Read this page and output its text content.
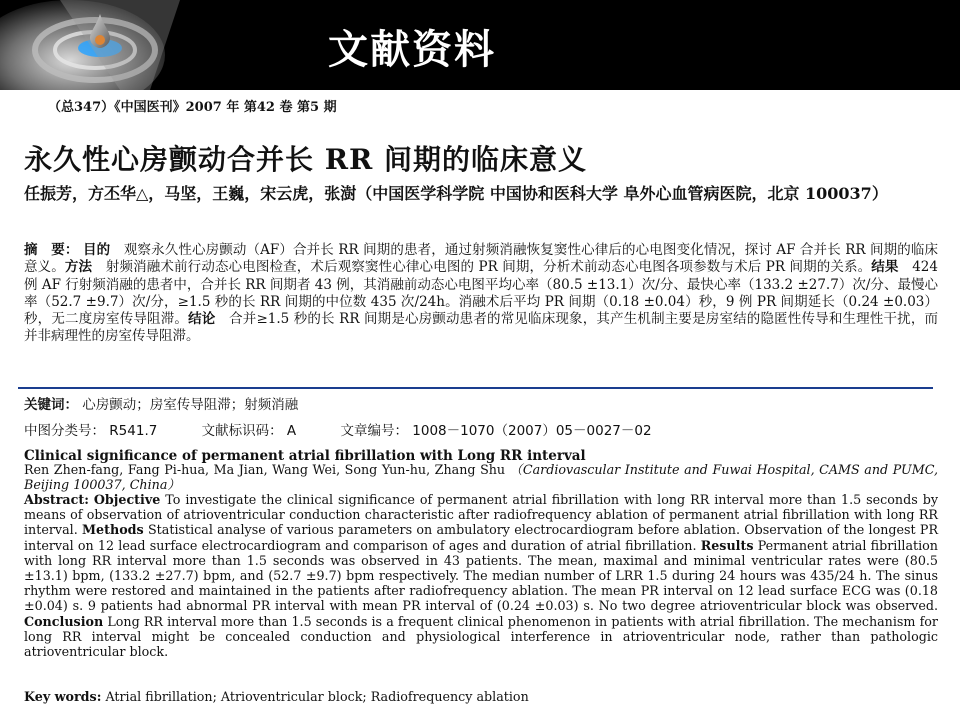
文献资料
（总347）《中国医刊》2007 年 第42 卷 第5 期
永久性心房颤动合并长 RR 间期的临床意义
任振芳，方丕华△，马坚，王巍，宋云虎，张澍（中国医学科学院 中国协和医科大学 阜外心血管病医院，北京 100037）
摘　要： 目的　观察永久性心房颤动（AF）合并长 RR 间期的患者，通过射频消融恢复窦性心律后的心电图变化情况，探讨 AF 合并长 RR 间期的临床意义。方法　射频消融术前行动态心电图检查，术后观察窦性心律心电图的 PR 间期，分析术前动态心电图各项参数与术后 PR 间期的关系。结果　424 例 AF 行射频消融的患者中，合并长 RR 间期者 43 例，其消融前动态心电图平均心率（80.5 ±13.1）次/分、最快心率（133.2 ±27.7）次/分、最慢心率（52.7 ±9.7）次/分，≥1.5 秒的长 RR 间期的中位数 435 次/24h。消融术后平均 PR 间期（0.18 ±0.04）秒，9 例 PR 间期延长（0.24 ±0.03）秒，无二度房室传导阻滞。结论　合并≥1.5 秒的长 RR 间期是心房颤动患者的常见临床现象，其产生机制主要是房室结的隐匿性传导和生理性干扰，而并非病理性的房室传导阻滞。
关键词： 心房颤动；房室传导阻滞；射频消融
中图分类号： R541.7	文献标识码： A	文章编号： 1008－1070（2007）05－0027－02
Clinical significance of permanent atrial fibrillation with Long RR interval
Ren Zhen-fang, Fang Pi-hua, Ma Jian, Wang Wei, Song Yun-hu, Zhang Shu （Cardiovascular Institute and Fuwai Hospital, CAMS and PUMC, Beijing 100037, China）
Abstract: Objective To investigate the clinical significance of permanent atrial fibrillation with long RR interval more than 1.5 seconds by means of observation of atrioventricular conduction characteristic after radiofrequency ablation of permanent atrial fibrillation with long RR interval. Methods Statistical analyse of various parameters on ambulatory electrocardiogram before ablation. Observation of the longest PR interval on 12 lead surface electrocardiogram and comparison of ages and duration of atrial fibrillation. Results Permanent atrial fibrillation with long RR interval more than 1.5 seconds was observed in 43 patients. The mean, maximal and minimal ventricular rates were (80.5 ±13.1) bpm, (133.2 ±27.7) bpm, and (52.7 ±9.7) bpm respectively. The median number of LRR 1.5 during 24 hours was 435/24 h. The sinus rhythm were restored and maintained in the patients after radiofrequency ablation. The mean PR interval on 12 lead surface ECG was (0.18 ±0.04) s. 9 patients had abnormal PR interval with mean PR interval of (0.24 ±0.03) s. No two degree atrioventricular block was observed. Conclusion Long RR interval more than 1.5 seconds is a frequent clinical phenomenon in patients with atrial fibrillation. The mechanism for long RR interval might be concealed conduction and physiological interference in atrioventricular node, rather than pathologic atrioventricular block.
Key words: Atrial fibrillation; Atrioventricular block; Radiofrequency ablation
